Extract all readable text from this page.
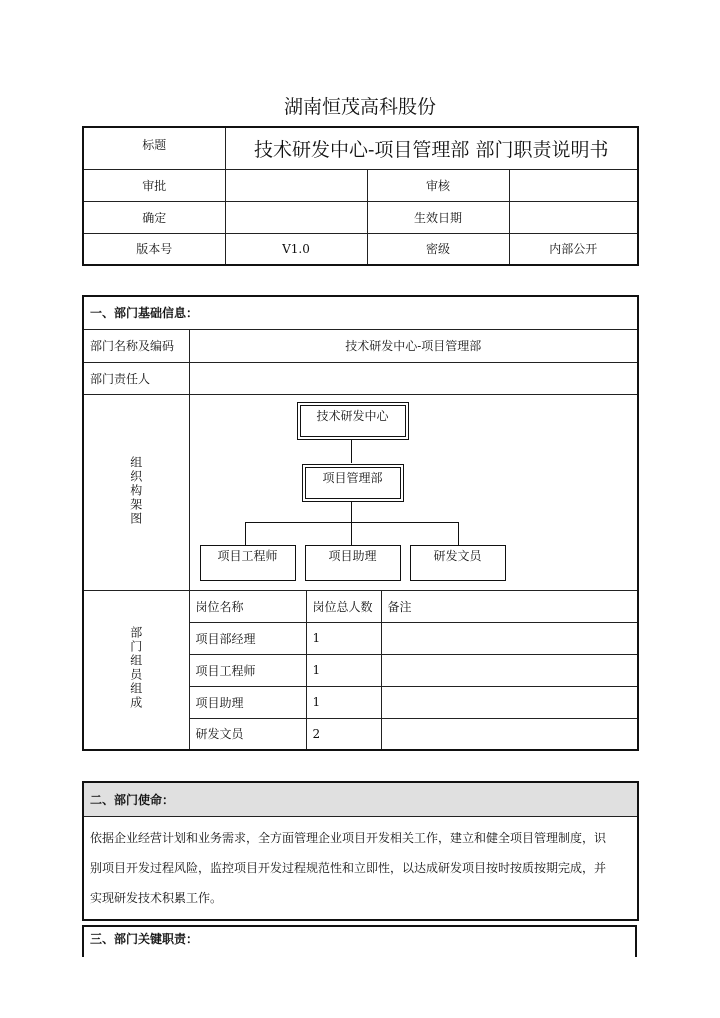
湖南恒茂高科股份
标题	技术研发中心-项目管理部 部门职责说明书		
审批		审核	
确定		生效日期	
版本号	V1.0	密级	内部公开
一、部门基础信息：			
部门名称及编码	技术研发中心-项目管理部		
部门责任人			
组织构架图	技术研发中心
项目管理部
项目工程师 项目助理 研发文员		

部门组员组成	岗位名称	岗位总人数	备注
	项目部经理	1	
	项目工程师	1	
	项目助理	1	
	研发文员	2	
二、部门使命：

依据企业经营计划和业务需求，全方面管理企业项目开发相关工作，建立和健全项目管理制度，识
别项目开发过程风险，监控项目开发过程规范性和立即性，以达成研发项目按时按质按期完成，并
实现研发技术积累工作。
三、部门关键职责：
